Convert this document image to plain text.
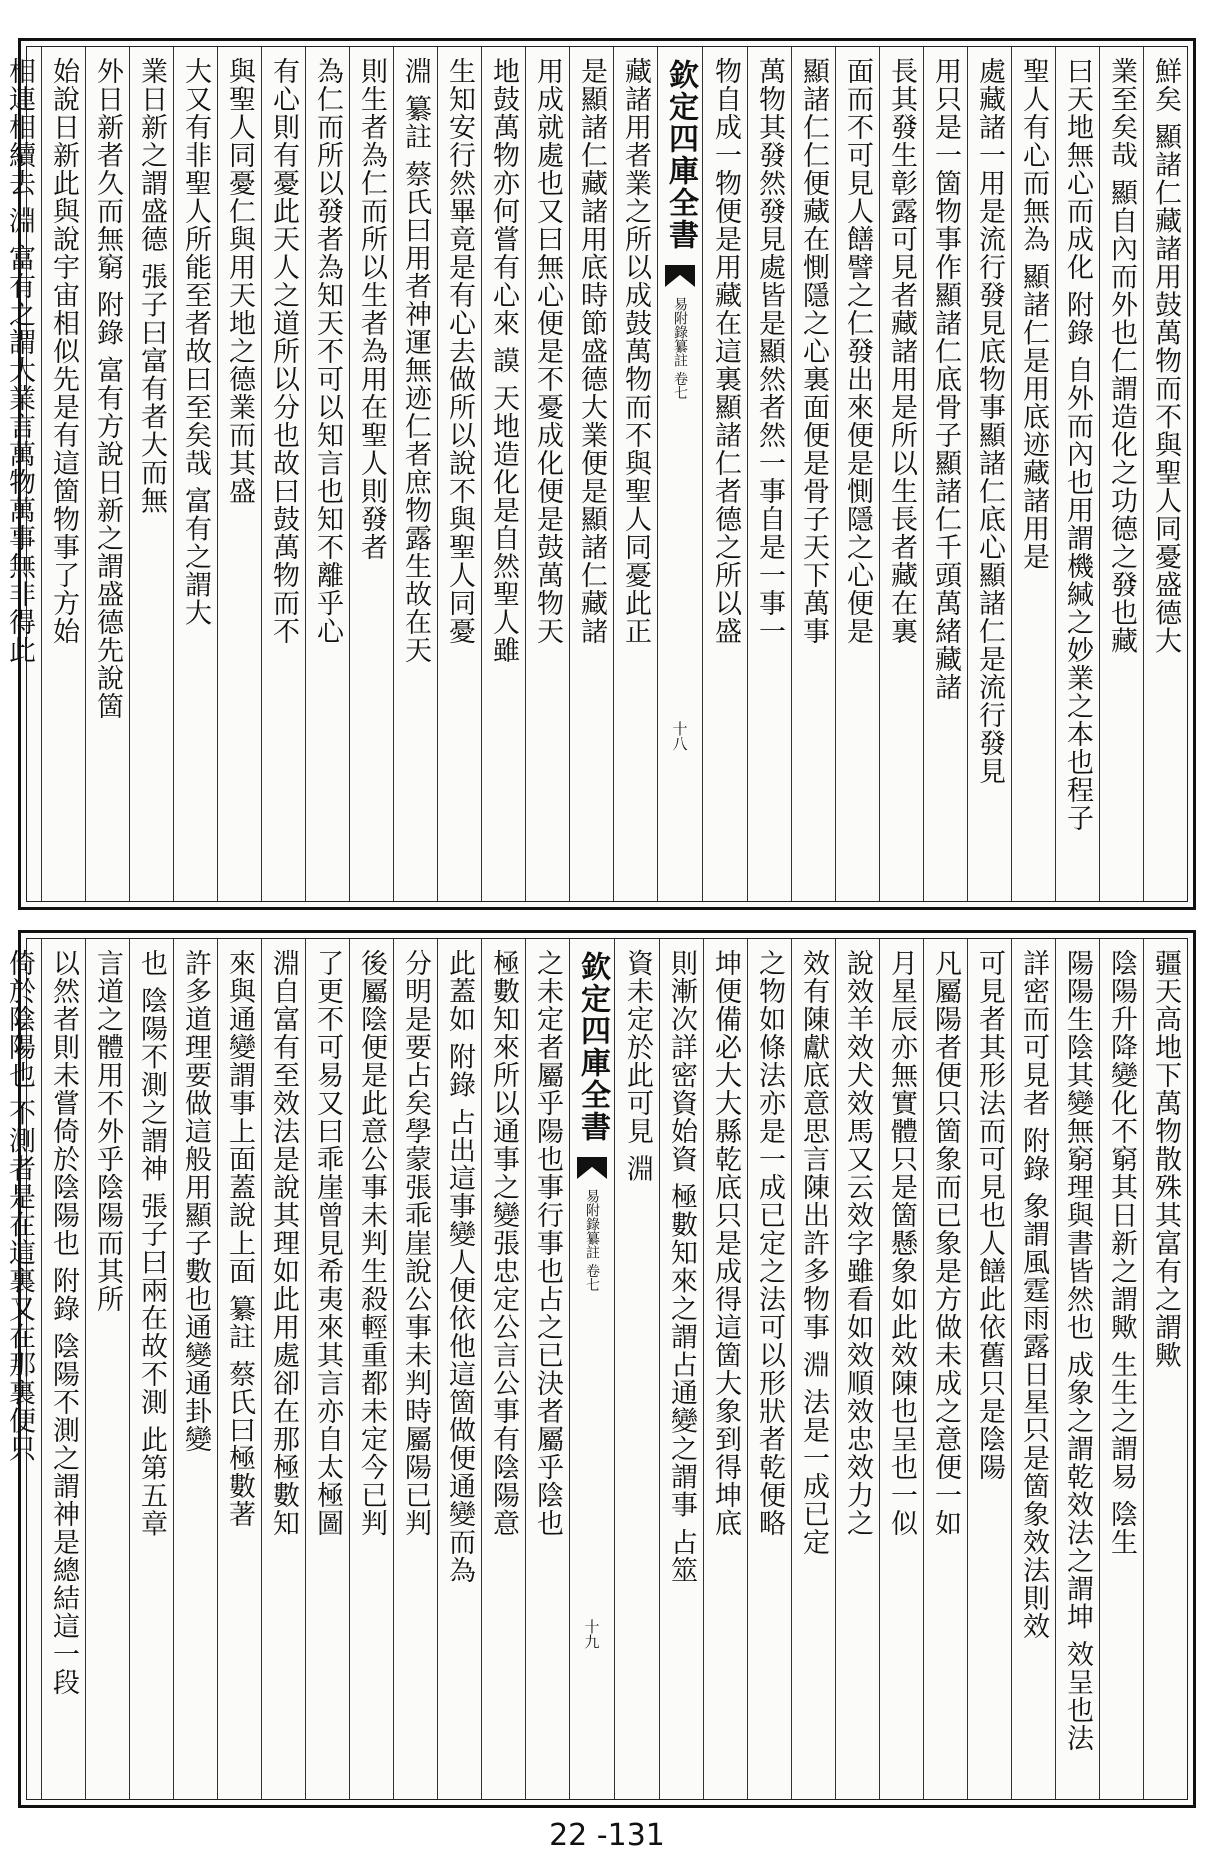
鮮矣 顯諸仁藏諸用鼓萬物而不與聖人同憂盛德大
業至矣哉 顯自內而外也仁謂造化之功德之發也藏
曰天地無心而成化 附錄 自外而內也用謂機緘之妙業之本也程子
聖人有心而無為 顯諸仁是用底迹藏諸用是
處藏諸一用是流行發見底物事顯諸仁底心顯諸仁是流行發見
用只是一箇物事作顯諸仁底骨子顯諸仁千頭萬緒藏諸
長其發生彰露可見者藏諸用是所以生長者藏在裏
面而不可見人饍譬之仁發出來便是惻隱之心便是
顯諸仁仁便藏在惻隱之心裏面便是骨子天下萬事
萬物其發然發見處皆是顯然者然一事自是一事一
物自成一物便是用藏在這裏顯諸仁者德之所以盛
欽定四庫全書
易附錄纂註 卷七
十八
藏諸用者業之所以成鼓萬物而不與聖人同憂此正
是顯諸仁藏諸用底時節盛德大業便是顯諸仁藏諸
用成就處也又曰無心便是不憂成化便是鼓萬物天
地鼓萬物亦何嘗有心來 謨 天地造化是自然聖人雖
生知安行然畢竟是有心去做所以說不與聖人同憂
淵 纂註 蔡氏曰用者神運無迹仁者庶物露生故在天
則生者為仁而所以生者為用在聖人則發者
為仁而所以發者為知天不可以知言也知不離乎心
有心則有憂此天人之道所以分也故曰鼓萬物而不
與聖人同憂仁與用天地之德業而其盛
大又有非聖人所能至者故曰至矣哉 富有之謂大
業日新之謂盛德 張子曰富有者大而無
外日新者久而無窮 附錄 富有方說日新之謂盛德先說箇
始說日新此與說宇宙相似先是有這箇物事了方始
相連相續去 淵 富有之謂大業言萬物萬事無非得此
疆天高地下萬物散殊其富有之謂歟
陰陽升降變化不窮其日新之謂歟 生生之謂易 陰生
陽陽生陰其變無窮理與書皆然也 成象之謂乾效法之謂坤 效呈也法
詳密而可見者 附錄 象謂風霆雨露日星只是箇象效法則效
可見者其形法而可見也人饍此依舊只是陰陽
凡屬陽者便只箇象而已象是方做未成之意便一如
月星辰亦無實體只是箇懸象如此效陳也呈也一似
說效羊效犬效馬又云效字雖看如效順效忠效力之
效有陳獻底意思言陳出許多物事 淵 法是一成已定
之物如條法亦是一成已定之法可以形狀者乾便略
坤便備必大大縣乾底只是成得這箇大象到得坤底
則漸次詳密資始資 極數知來之謂占通變之謂事 占筮
資未定於此可見 淵
欽定四庫全書
易附錄纂註 卷七
十九
之未定者屬乎陽也事行事也占之已決者屬乎陰也
極數知來所以通事之變張忠定公言公事有陰陽意
此蓋如 附錄 占出這事變人便依他這箇做便通變而為
分明是要占矣學蒙張乖崖說公事未判時屬陽已判
後屬陰便是此意公事未判生殺輕重都未定今已判
了更不可易又曰乖崖曾見希夷來其言亦自太極圖
淵自富有至效法是說其理如此用處卻在那極數知
來與通變謂事上面蓋說上面 纂註 蔡氏曰極數著
許多道理要做這般用顯子數也通變通卦變
也 陰陽不測之謂神 張子曰兩在故不測 此第五章
言道之體用不外乎陰陽而其所
以然者則未嘗倚於陰陽也 附錄 陰陽不測之謂神是總結這一段
倚於陰陽也 不測者是在這裏又在那裏便只
22 -131
